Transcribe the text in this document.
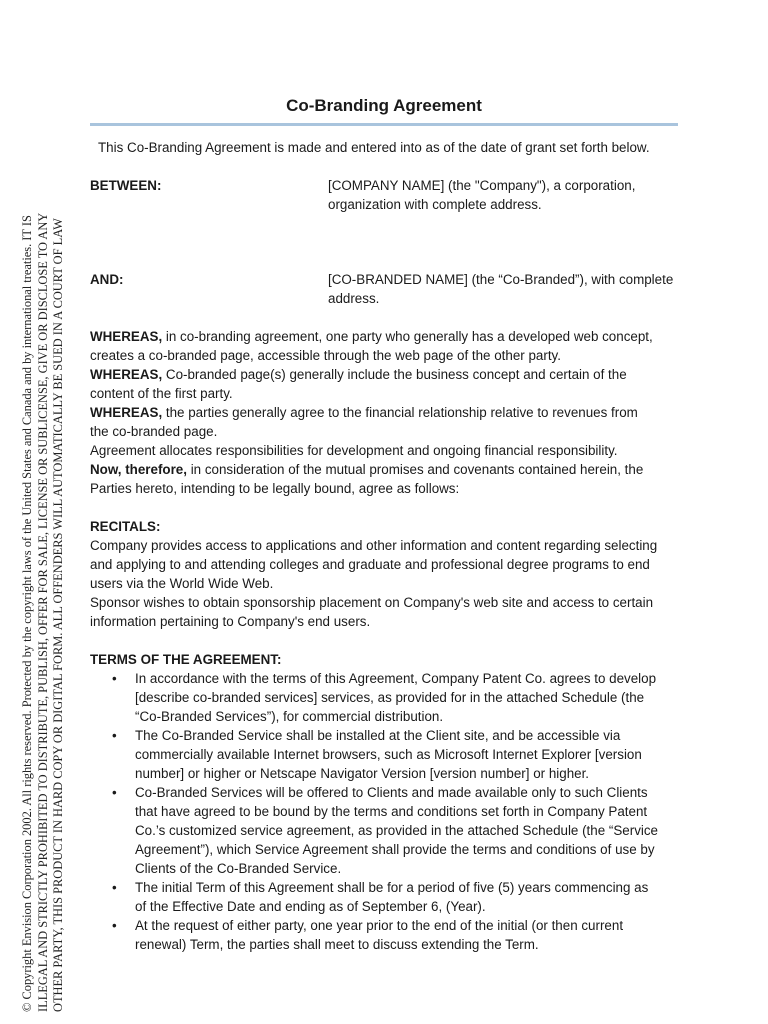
© Copyright Envision Corporation 2002. All rights reserved. Protected by the copyright laws of the United States and Canada and by international treaties. IT IS ILLEGAL AND STRICTLY PROHIBITED TO DISTRIBUTE, PUBLISH, OFFER FOR SALE, LICENSE OR SUBLICENSE, GIVE OR DISCLOSE TO ANY OTHER PARTY, THIS PRODUCT IN HARD COPY OR DIGITAL FORM. ALL OFFENDERS WILL AUTOMATICALLY BE SUED IN A COURT OF LAW
Co-Branding Agreement
This Co-Branding Agreement is made and entered into as of the date of grant set forth below.
BETWEEN:	[COMPANY NAME] (the "Company"), a corporation, organization with complete address.
AND:	[CO-BRANDED NAME] (the “Co-Branded”), with complete address.

WHEREAS, in co-branding agreement, one party who generally has a developed web concept,

creates a co-branded page, accessible through the web page of the other party.

WHEREAS, Co-branded page(s) generally include the business concept and certain of the

content of the first party.

WHEREAS, the parties generally agree to the financial relationship relative to revenues from

the co-branded page.

Agreement allocates responsibilities for development and ongoing financial responsibility.

Now, therefore, in consideration of the mutual promises and covenants contained herein, the

Parties hereto, intending to be legally bound, agree as follows:

RECITALS:

Company provides access to applications and other information and content regarding selecting

and applying to and attending colleges and graduate and professional degree programs to end

users via the World Wide Web.

Sponsor wishes to obtain sponsorship placement on Company's web site and access to certain

information pertaining to Company's end users.

TERMS OF THE AGREEMENT:

• In accordance with the terms of this Agreement, Company Patent Co. agrees to develop
[describe co-branded services] services, as provided for in the attached Schedule (the
“Co-Branded Services”), for commercial distribution.
• The Co-Branded Service shall be installed at the Client site, and be accessible via
commercially available Internet browsers, such as Microsoft Internet Explorer [version
number] or higher or Netscape Navigator Version [version number] or higher.
• Co-Branded Services will be offered to Clients and made available only to such Clients
that have agreed to be bound by the terms and conditions set forth in Company Patent
Co.’s customized service agreement, as provided in the attached Schedule (the “Service
Agreement”), which Service Agreement shall provide the terms and conditions of use by
Clients of the Co-Branded Service.
• The initial Term of this Agreement shall be for a period of five (5) years commencing as
of the Effective Date and ending as of September 6, (Year).
• At the request of either party, one year prior to the end of the initial (or then current
renewal) Term, the parties shall meet to discuss extending the Term.
